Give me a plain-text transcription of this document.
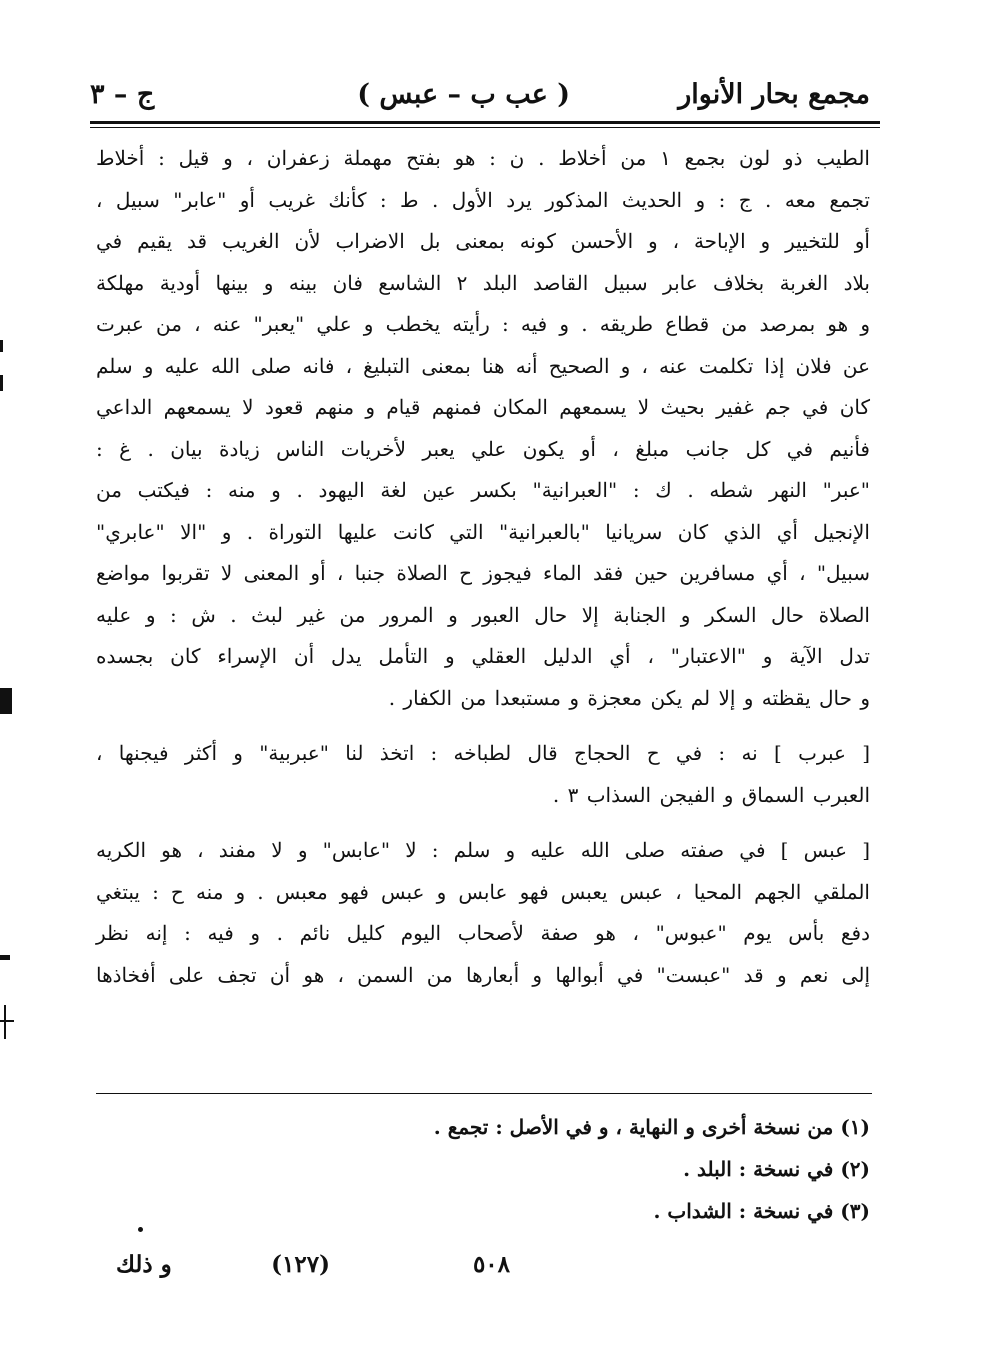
مجمع بحار الأنوار
( عب ب – عبس )
ج – ٣

الطيب ذو لون بجمع ١ من أخلاط . ن : هو بفتح مهملة زعفران ، و قيل : أخلاط

تجمع معه . ج : و الحديث المذكور يرد الأول . ط : كأنك غريب أو "عابر" سبيل ،

أو للتخيير و الإباحة ، و الأحسن كونه بمعنى بل الاضراب لأن الغريب قد يقيم في

بلاد الغربة بخلاف عابر سبيل القاصد البلد ٢ الشاسع فان بينه و بينها أودية مهلكة

و هو بمرصد من قطاع طريقه . و فيه : رأيته يخطب و علي "يعبر" عنه ، من عبرت

عن فلان إذا تكلمت عنه ، و الصحيح أنه هنا بمعنى التبليغ ، فانه صلى الله عليه و سلم

كان في جم غفير بحيث لا يسمعهم المكان فمنهم قيام و منهم قعود لا يسمعهم الداعي

فأنيم في كل جانب مبلغ ، أو يكون علي يعبر لأخريات الناس زيادة بيان . غ :

"عبر" النهر شطه . ك : "العبرانية" بكسر عين لغة اليهود . و منه : فيكتب من

الإنجيل أي الذي كان سريانيا "بالعبرانية" التي كانت عليها التوراة . و "الا "عابري"

سبيل" ، أي مسافرين حين فقد الماء فيجوز ح الصلاة جنبا ، أو المعنى لا تقربوا مواضع

الصلاة حال السكر و الجنابة إلا حال العبور و المرور من غير لبث . ش : و عليه

تدل الآية و "الاعتبار" ، أي الدليل العقلي و التأمل يدل أن الإسراء كان بجسده

و حال يقظته و إلا لم يكن معجزة و مستبعدا من الكفار .

[ عبرب ] نه : في ح الحجاج قال لطباخه : اتخذ لنا "عبربية" و أكثر فيجنها ،

العبرب السماق و الفيجن السذاب ٣ .

[ عبس ] في صفته صلى الله عليه و سلم : لا "عابس" و لا مفند ، هو الكريه

الملقي الجهم المحيا ، عبس يعبس فهو عابس و عبس فهو معبس . و منه ح : يبتغي

دفع بأس يوم "عبوس" ، هو صفة لأصحاب اليوم كليل نائم . و فيه : إنه نظر

إلى نعم و قد "عبست" في أبوالها و أبعارها من السمن ، هو أن تجف على أفخاذها

(١) من نسخة أخرى و النهاية ، و في الأصل : تجمع .
(٢) في نسخة : البلد .
(٣) في نسخة : الشداب .
٥٠٨
(١٢٧)
و ذلك
